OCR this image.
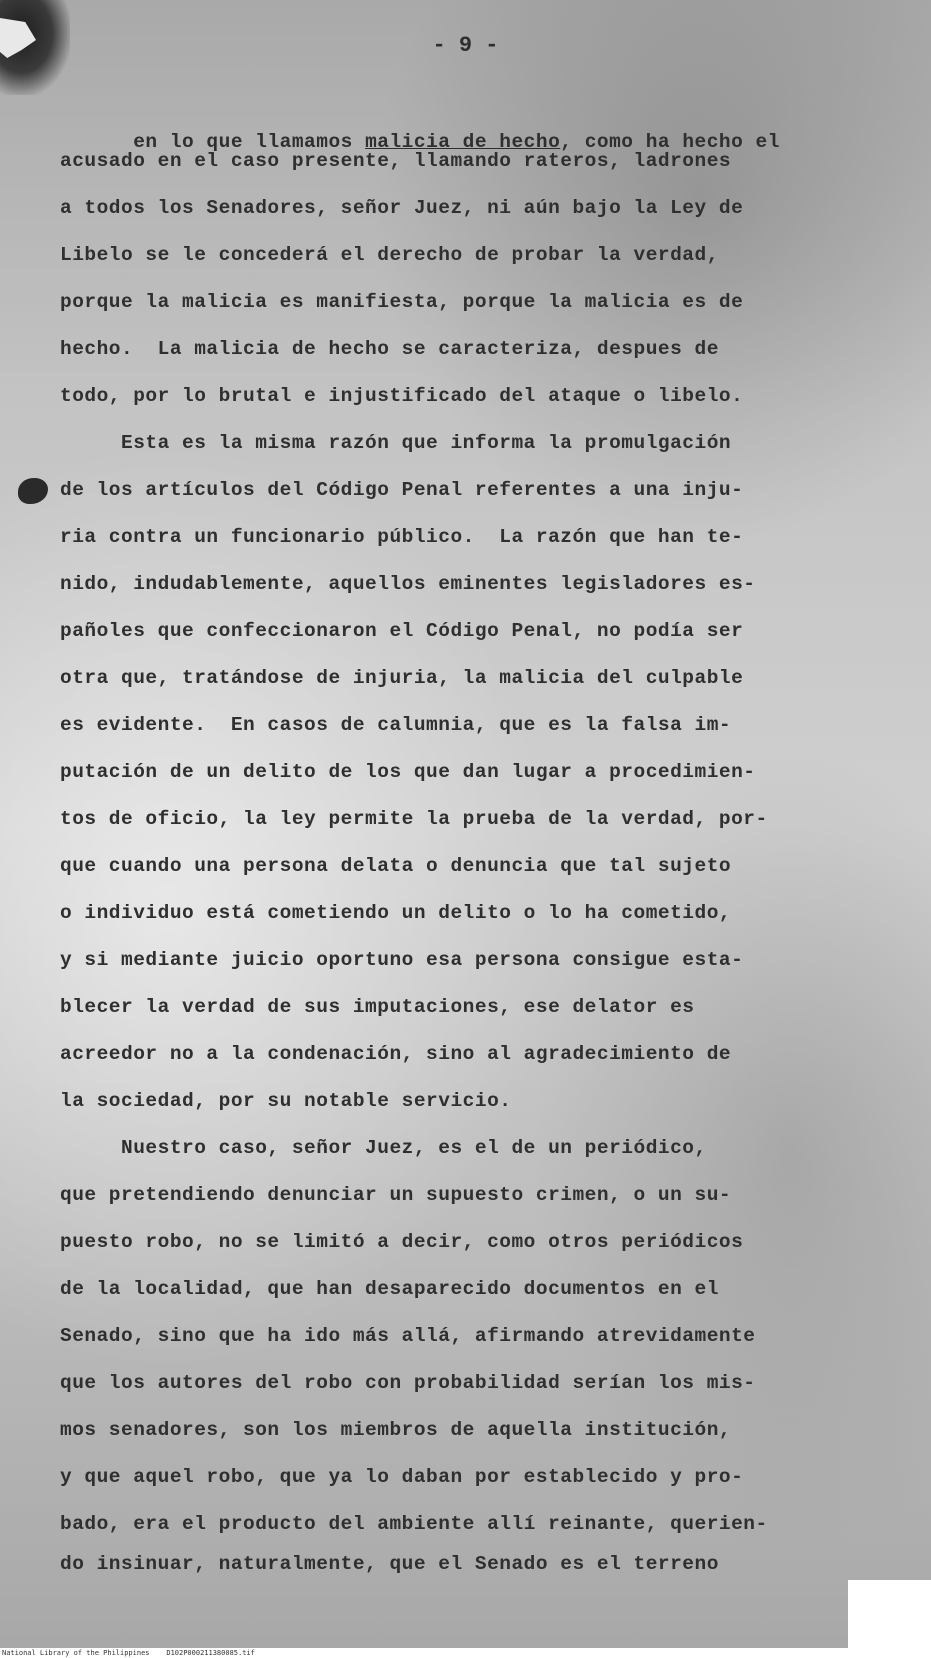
- 9 -

en lo que llamamos malicia de hecho, como ha hecho el

acusado en el caso presente, llamando rateros, ladrones
a todos los Senadores, señor Juez, ni aún bajo la Ley de
Libelo se le concederá el derecho de probar la verdad,
porque la malicia es manifiesta, porque la malicia es de
hecho.  La malicia de hecho se caracteriza, despues de
todo, por lo brutal e injustificado del ataque o libelo.
Esta es la misma razón que informa la promulgación
de los artículos del Código Penal referentes a una inju-
ria contra un funcionario público.  La razón que han te-
nido, indudablemente, aquellos eminentes legisladores es-
pañoles que confeccionaron el Código Penal, no podía ser
otra que, tratándose de injuria, la malicia del culpable
es evidente.  En casos de calumnia, que es la falsa im-
putación de un delito de los que dan lugar a procedimien-
tos de oficio, la ley permite la prueba de la verdad, por-
que cuando una persona delata o denuncia que tal sujeto
o individuo está cometiendo un delito o lo ha cometido,
y si mediante juicio oportuno esa persona consigue esta-
blecer la verdad de sus imputaciones, ese delator es
acreedor no a la condenación, sino al agradecimiento de
la sociedad, por su notable servicio.
Nuestro caso, señor Juez, es el de un periódico,
que pretendiendo denunciar un supuesto crimen, o un su-
puesto robo, no se limitó a decir, como otros periódicos
de la localidad, que han desaparecido documentos en el
Senado, sino que ha ido más allá, afirmando atrevidamente
que los autores del robo con probabilidad serían los mis-
mos senadores, son los miembros de aquella institución,
y que aquel robo, que ya lo daban por establecido y pro-
bado, era el producto del ambiente allí reinante, querien-
do insinuar, naturalmente, que el Senado es el terreno
National Library of the Philippines    D102P000211380085.tif
